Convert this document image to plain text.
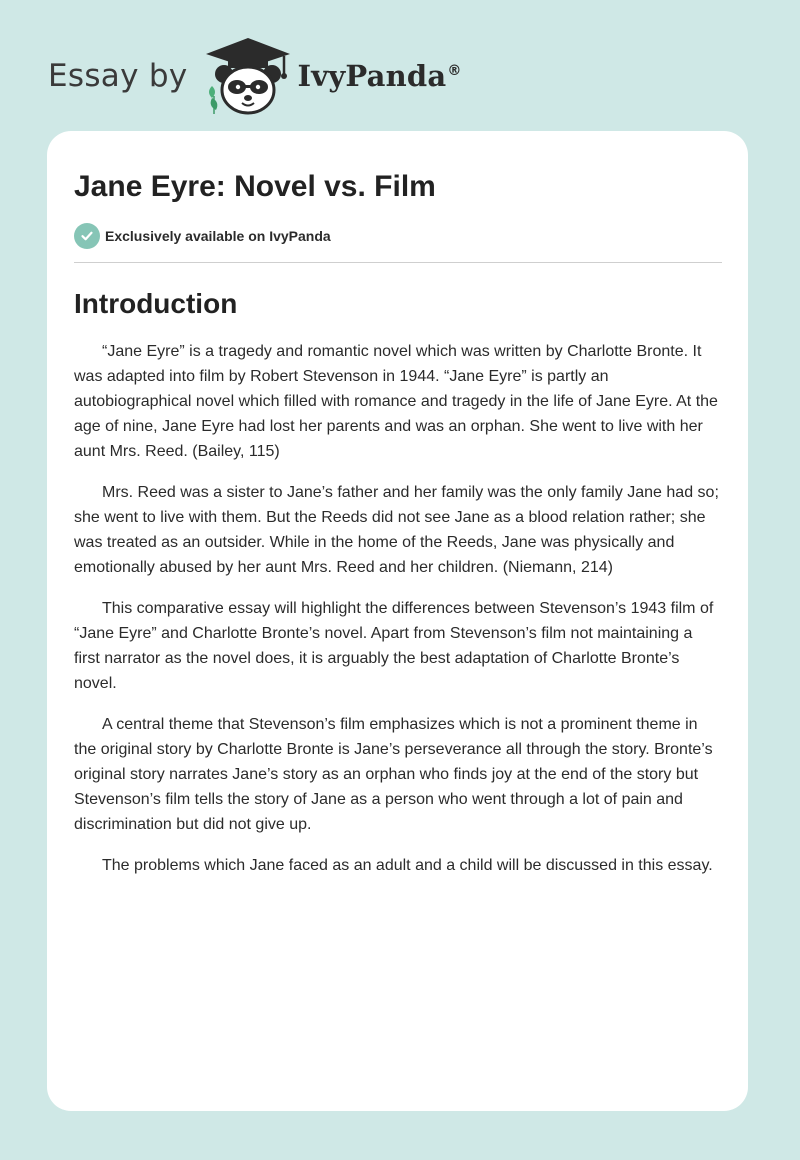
Essay by	IvyPanda®
Jane Eyre: Novel vs. Film
Exclusively available on IvyPanda
Introduction

“Jane Eyre” is a tragedy and romantic novel which was written by Charlotte Bronte. It was adapted into film by Robert Stevenson in 1944. “Jane Eyre” is partly an autobiographical novel which filled with romance and tragedy in the life of Jane Eyre. At the age of nine, Jane Eyre had lost her parents and was an orphan. She went to live with her aunt Mrs. Reed. (Bailey, 115)

Mrs. Reed was a sister to Jane’s father and her family was the only family Jane had so; she went to live with them. But the Reeds did not see Jane as a blood relation rather; she was treated as an outsider. While in the home of the Reeds, Jane was physically and emotionally abused by her aunt Mrs. Reed and her children. (Niemann, 214)

This comparative essay will highlight the differences between Stevenson’s 1943 film of “Jane Eyre” and Charlotte Bronte’s novel. Apart from Stevenson’s film not maintaining a first narrator as the novel does, it is arguably the best adaptation of Charlotte Bronte’s novel.

A central theme that Stevenson’s film emphasizes which is not a prominent theme in the original story by Charlotte Bronte is Jane’s perseverance all through the story. Bronte’s original story narrates Jane’s story as an orphan who finds joy at the end of the story but Stevenson’s film tells the story of Jane as a person who went through a lot of pain and discrimination but did not give up.

The problems which Jane faced as an adult and a child will be discussed in this essay.
